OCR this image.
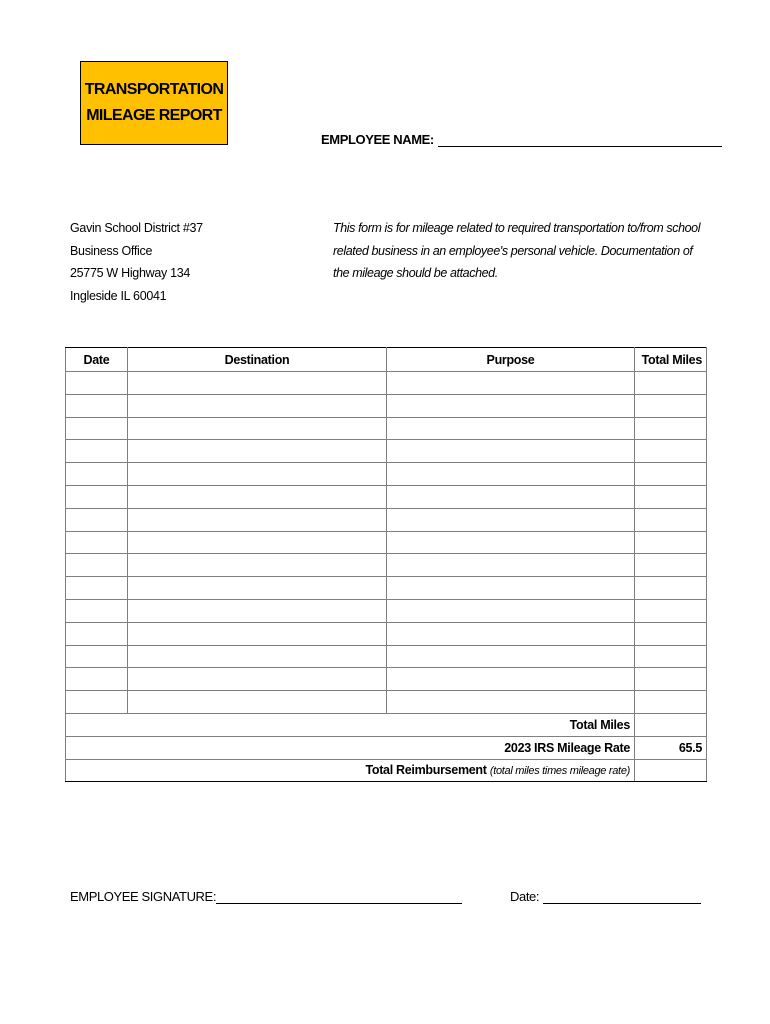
TRANSPORTATION
MILEAGE REPORT
EMPLOYEE NAME:
Gavin School District #37
Business Office
25775 W Highway 134
Ingleside IL 60041
This form is for mileage related to required transportation to/from school related business in an employee's personal vehicle. Documentation of the mileage should be attached.
Date	Destination	Purpose	Total Miles

Total Miles			
2023 IRS Mileage Rate			65.5
Total Reimbursement (total miles times mileage rate)			
EMPLOYEE SIGNATURE:	Date:
